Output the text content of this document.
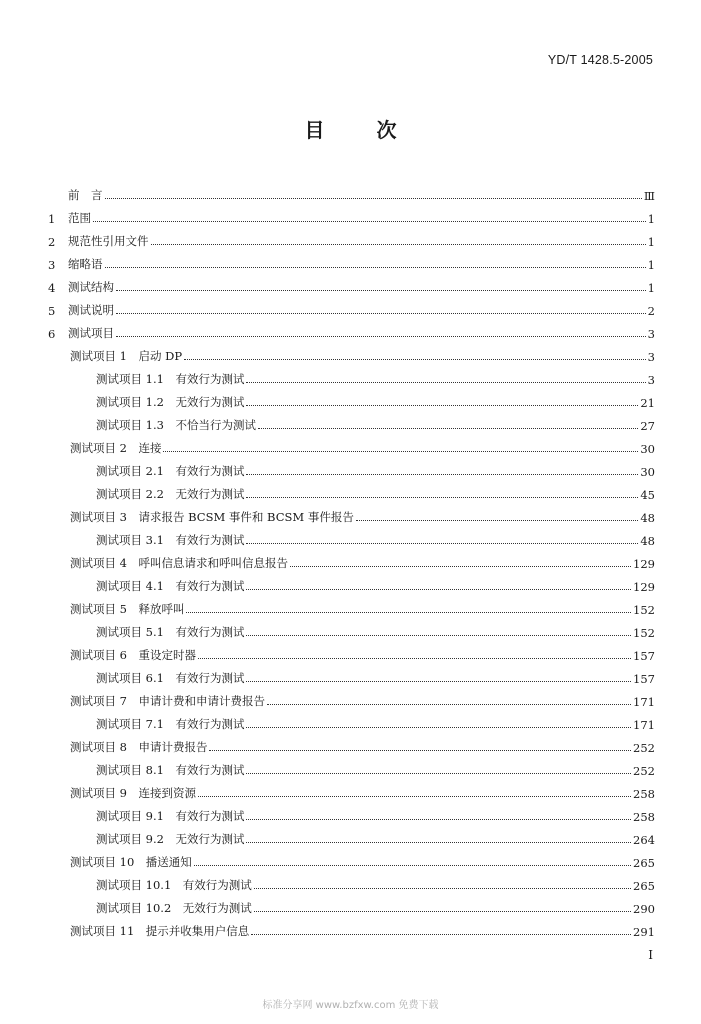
YD/T 1428.5-2005
目次
前　言	Ⅲ
1	范围	1
2	规范性引用文件	1
3	缩略语	1
4	测试结构	1
5	测试说明	2
6	测试项目	3
测试项目 1　启动 DP	3
测试项目 1.1　有效行为测试	3
测试项目 1.2　无效行为测试	21
测试项目 1.3　不恰当行为测试	27
测试项目 2　连接	30
测试项目 2.1　有效行为测试	30
测试项目 2.2　无效行为测试	45
测试项目 3　请求报告 BCSM 事件和 BCSM 事件报告	48
测试项目 3.1　有效行为测试	48
测试项目 4　呼叫信息请求和呼叫信息报告	129
测试项目 4.1　有效行为测试	129
测试项目 5　释放呼叫	152
测试项目 5.1　有效行为测试	152
测试项目 6　重设定时器	157
测试项目 6.1　有效行为测试	157
测试项目 7　申请计费和申请计费报告	171
测试项目 7.1　有效行为测试	171
测试项目 8　申请计费报告	252
测试项目 8.1　有效行为测试	252
测试项目 9　连接到资源	258
测试项目 9.1　有效行为测试	258
测试项目 9.2　无效行为测试	264
测试项目 10　播送通知	265
测试项目 10.1　有效行为测试	265
测试项目 10.2　无效行为测试	290
测试项目 11　提示并收集用户信息	291
I
标准分享网 www.bzfxw.com 免费下载
